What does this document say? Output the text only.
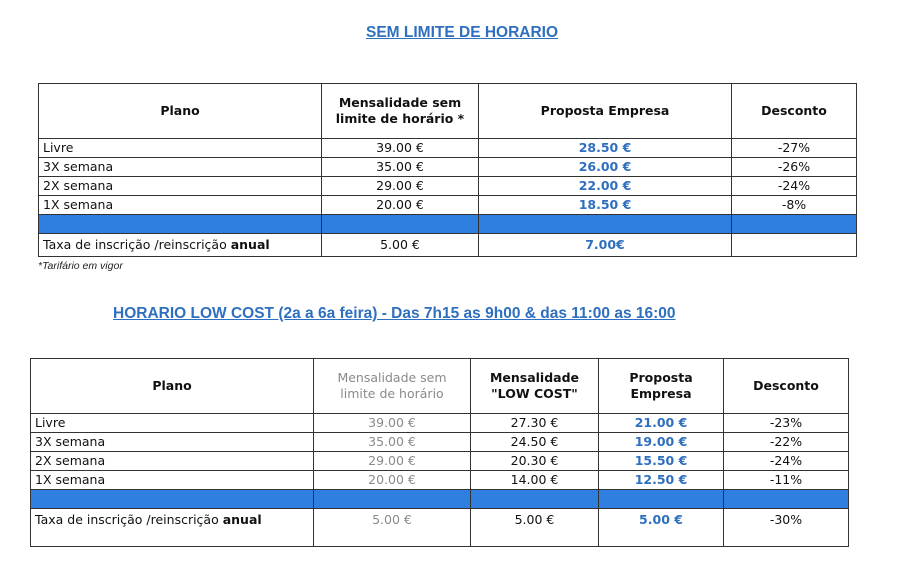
SEM LIMITE DE HORARIO
Plano	Mensalidade sem limite de horário *	Proposta Empresa	Desconto
Livre	39.00 €	28.50 €	-27%
3X semana	35.00 €	26.00 €	-26%
2X semana	29.00 €	22.00 €	-24%
1X semana	20.00 €	18.50 €	-8%

Taxa de inscrição /reinscrição anual	5.00 €	7.00€	
*Tarifário em vigor
HORARIO LOW COST (2a a 6a feira) - Das 7h15 as 9h00 & das 11:00 as 16:00
Plano	Mensalidade sem limite de horário	Mensalidade "LOW COST"	Proposta Empresa	Desconto
Livre	39.00 €	27.30 €	21.00 €	-23%
3X semana	35.00 €	24.50 €	19.00 €	-22%
2X semana	29.00 €	20.30 €	15.50 €	-24%
1X semana	20.00 €	14.00 €	12.50 €	-11%

Taxa de inscrição /reinscrição anual	5.00 €	5.00 €	5.00 €	-30%
